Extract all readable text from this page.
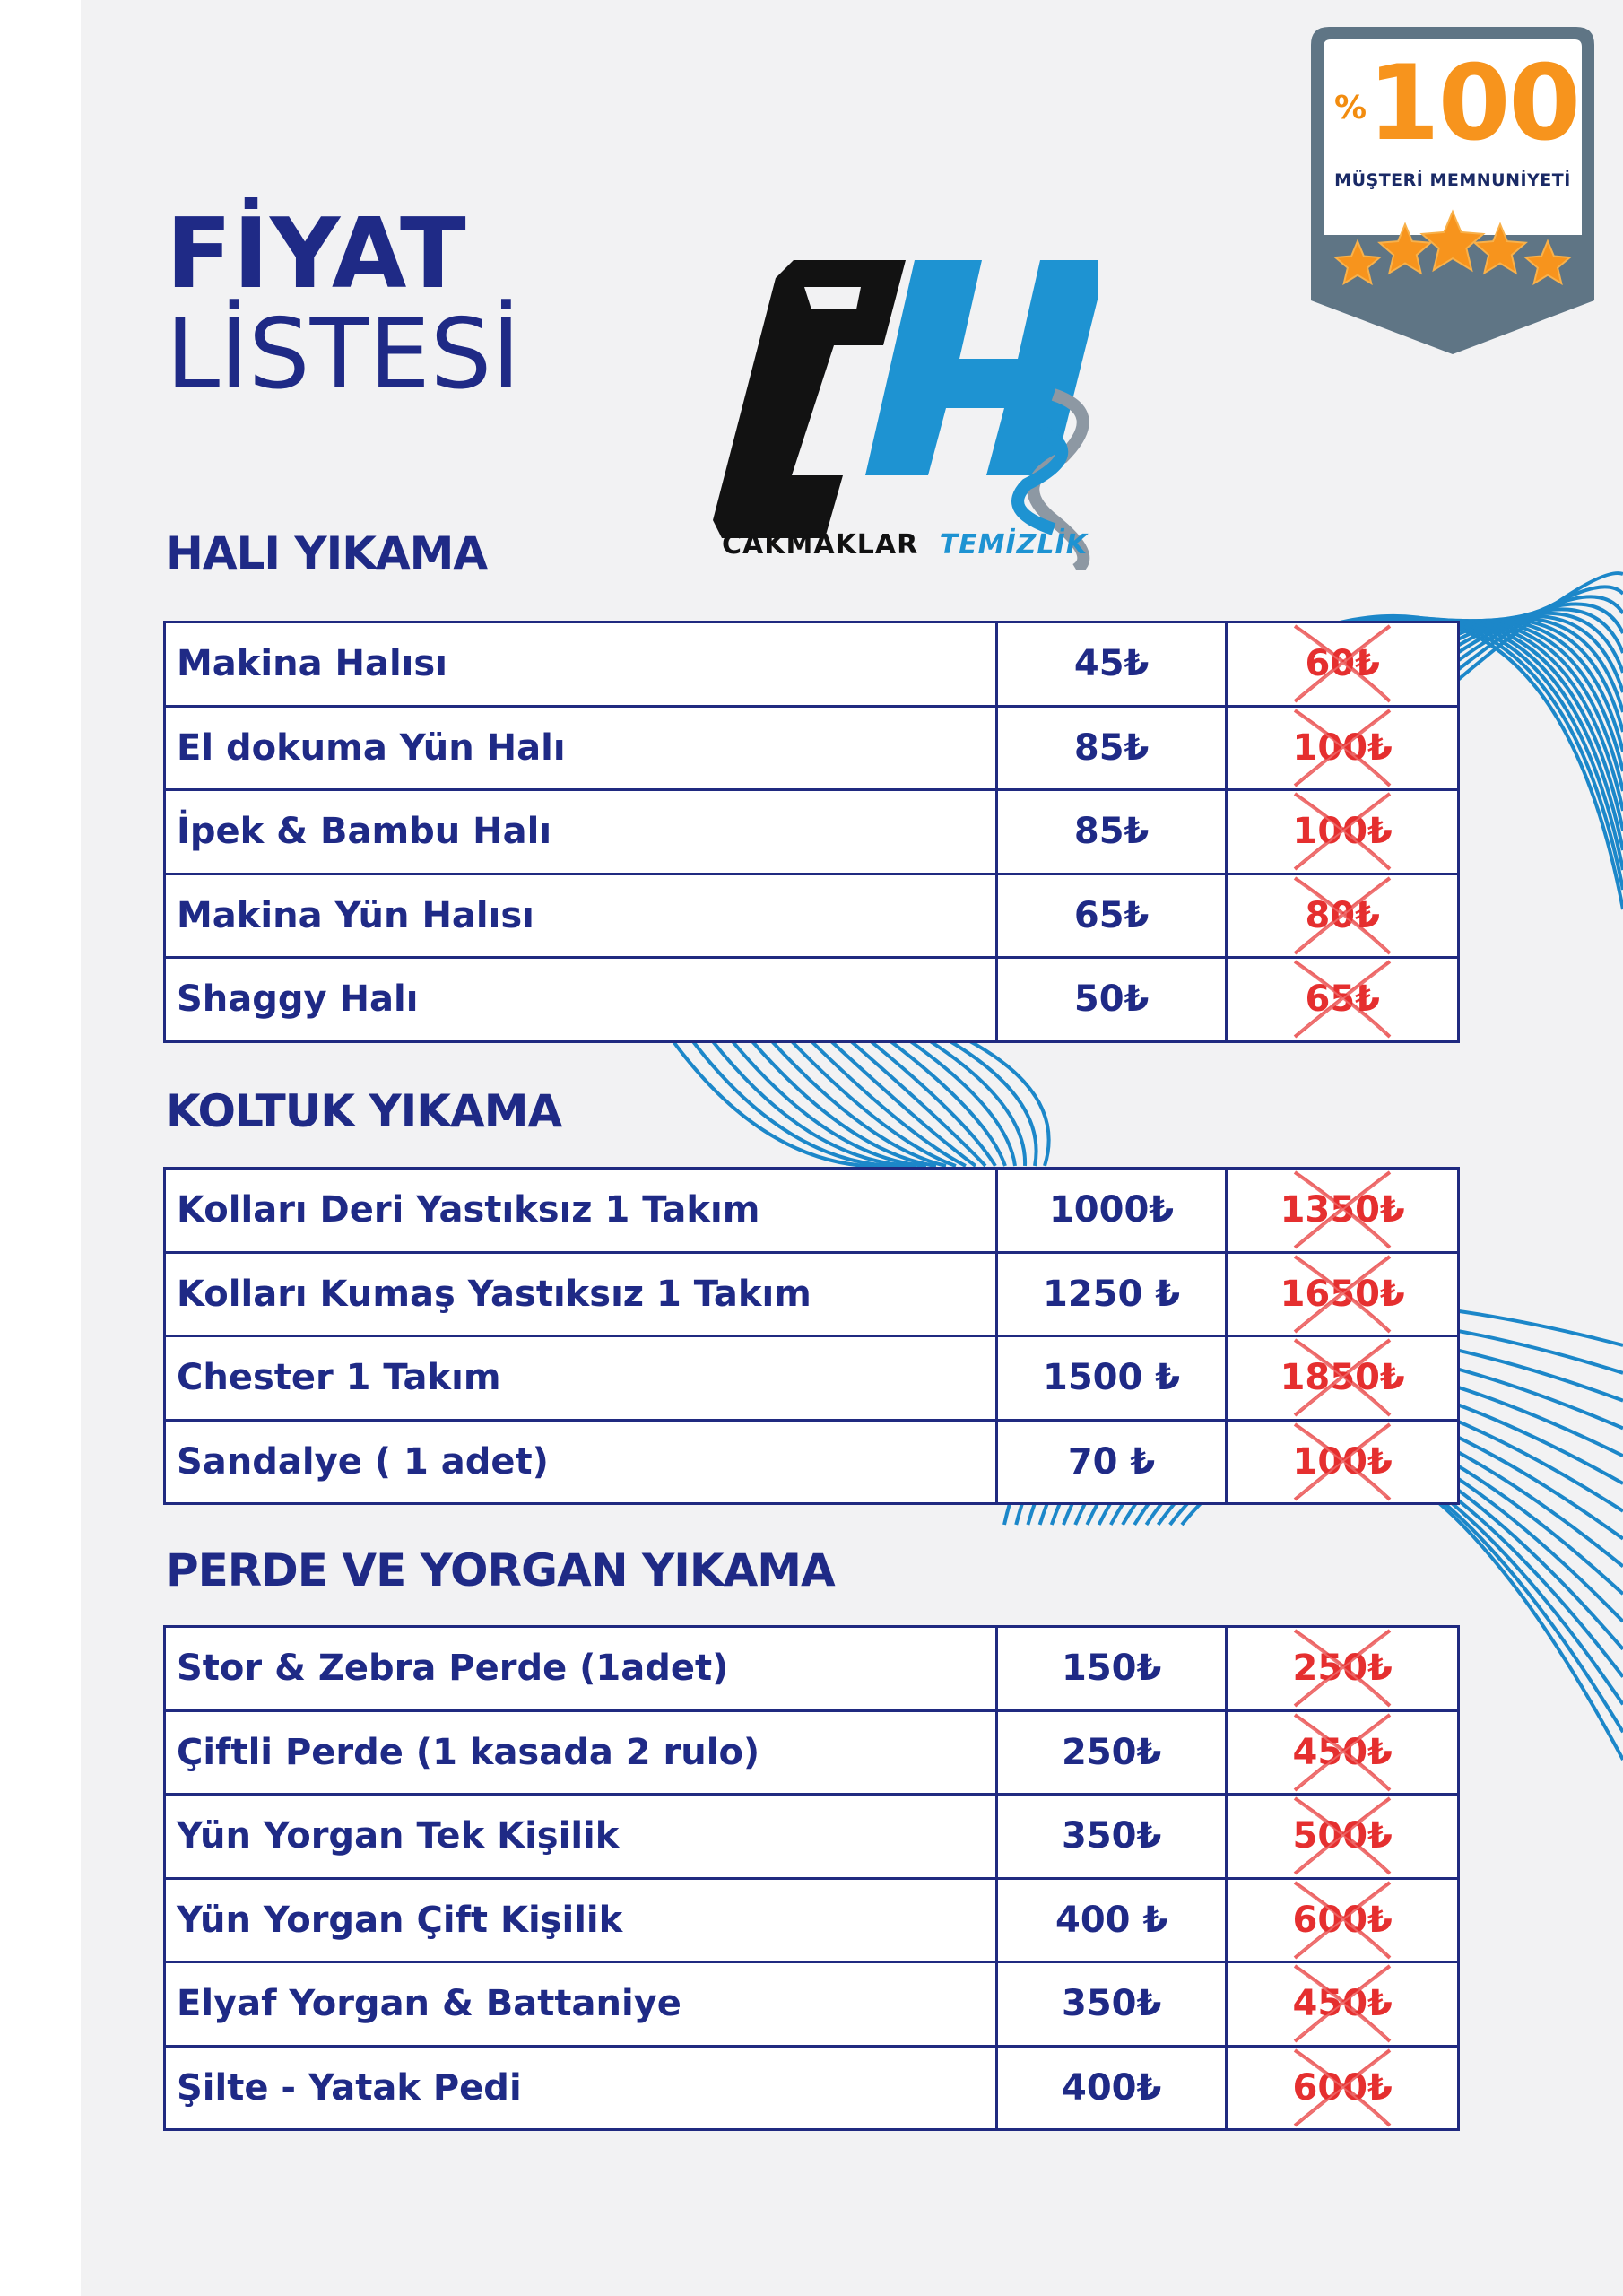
FİYAT
LİSTESİ
CAKMAKLAR TEMİZLİK
% 100
MÜŞTERİ MEMNUNİYETİ
HALI YIKAMA
Makina Halısı	45₺	60₺

El dokuma Yün Halı	85₺	100₺

İpek & Bambu Halı	85₺	100₺

Makina Yün Halısı	65₺	80₺

Shaggy Halı	50₺	65₺
KOLTUK YIKAMA
Kolları Deri Yastıksız 1 Takım	1000₺	1350₺

Kolları Kumaş Yastıksız 1 Takım	1250 ₺	1650₺

Chester 1 Takım	1500 ₺	1850₺

Sandalye ( 1 adet)	70 ₺	100₺
PERDE VE YORGAN YIKAMA
Stor & Zebra Perde (1adet)	150₺	250₺

Çiftli Perde (1 kasada 2 rulo)	250₺	450₺

Yün Yorgan Tek Kişilik	350₺	500₺

Yün Yorgan Çift Kişilik	400 ₺	600₺

Elyaf Yorgan & Battaniye	350₺	450₺

Şilte - Yatak Pedi	400₺	600₺
